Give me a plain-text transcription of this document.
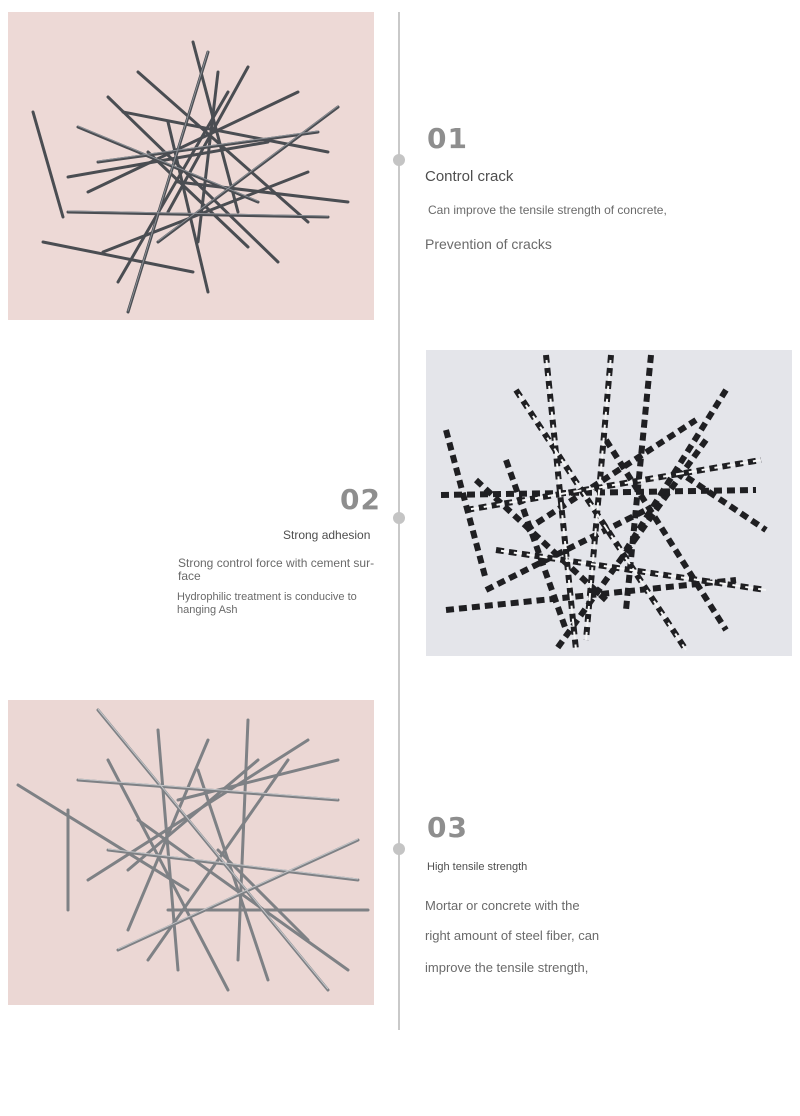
01
Control crack
Can improve the tensile strength of concrete,
Prevention of cracks
02
Strong adhesion
Strong control force with cement sur-face
Hydrophilic treatment is conducive to hanging Ash
03
High tensile strength
Mortar or concrete with the
right amount of steel fiber, can
improve the tensile strength,
